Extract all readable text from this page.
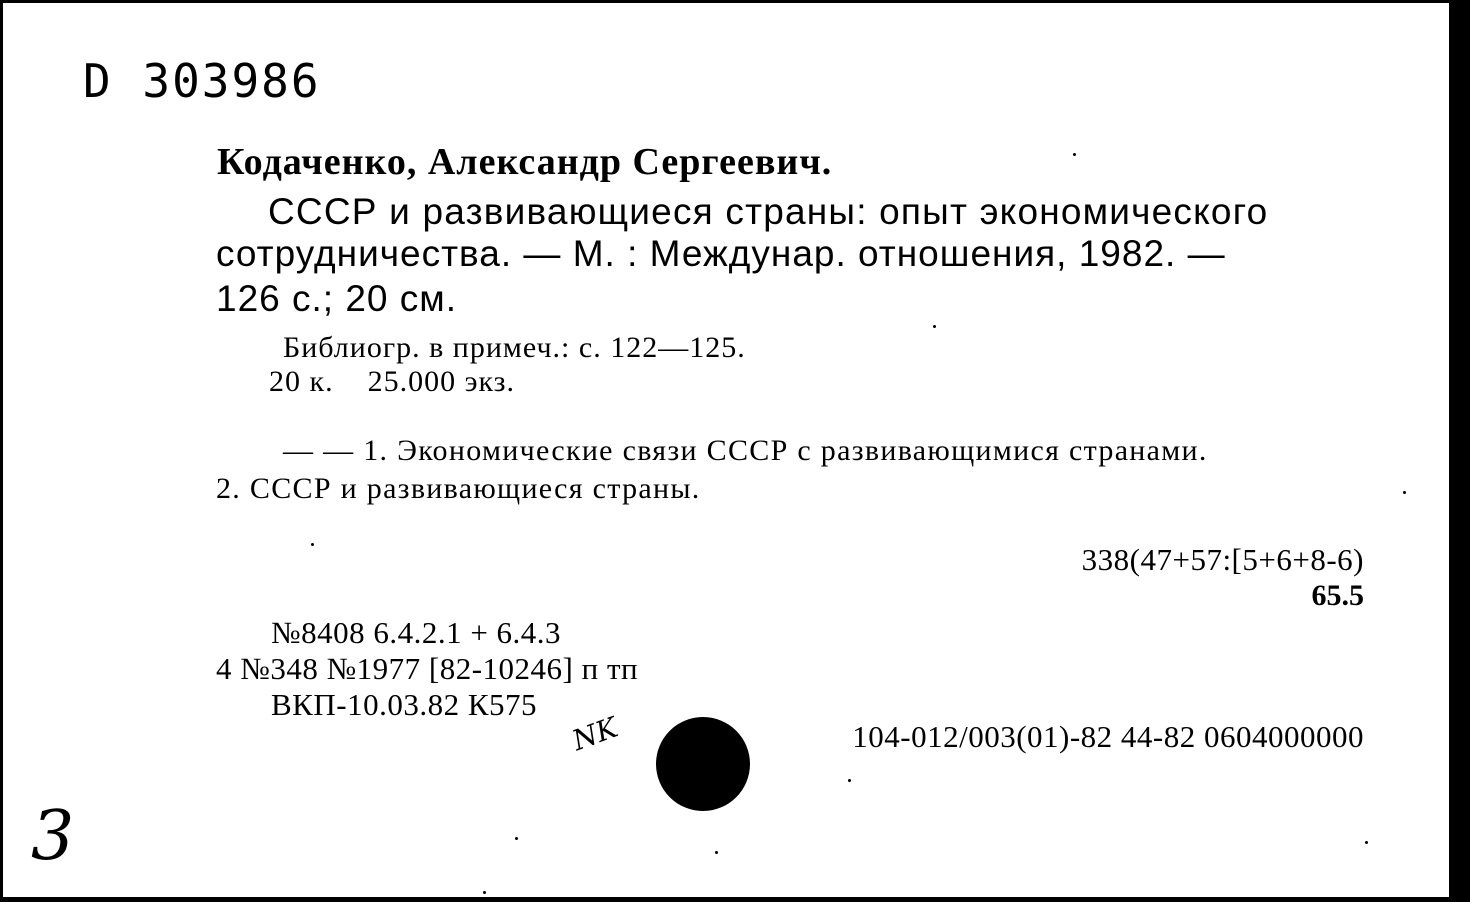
D 303986

Кодаченко, Александр Сергеевич.

СССР и развивающиеся страны: опыт экономического

сотрудничества. — М. : Междунар. отношения, 1982. —

126 с.; 20 см.

Библиогр. в примеч.: с. 122—125.

20 к.    25.000 экз.

— — 1. Экономические связи СССР с развивающимися странами.

2. СССР и развивающиеся страны.

338(47+57:[5+6+8-6)

65.5

№8408 6.4.2.1 + 6.4.3

4 №348 №1977 [82-10246] п тп

ВКП-10.03.82 К575

104-012/003(01)-82 44-82 0604000000

NK

3
